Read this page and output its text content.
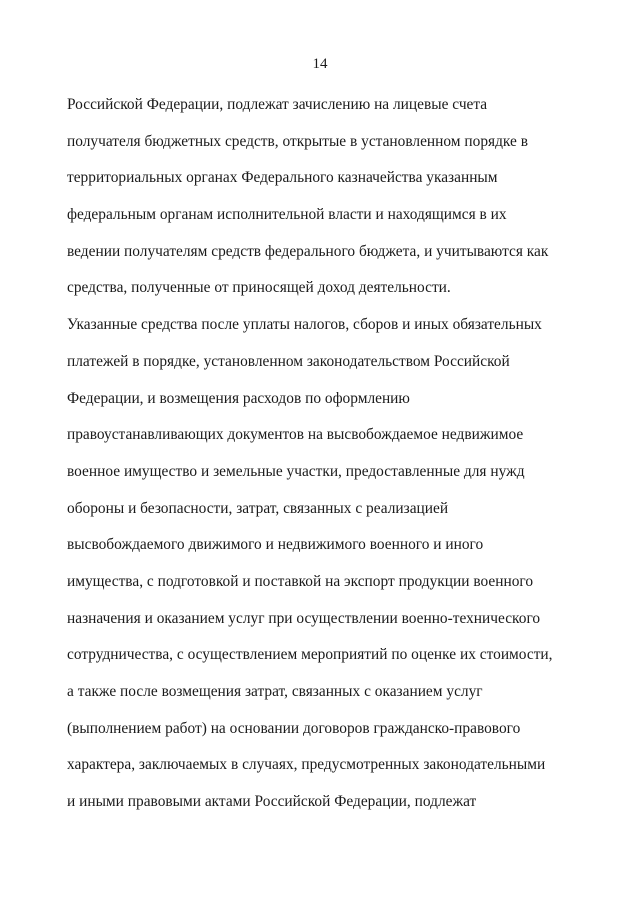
14
Российской Федерации, подлежат зачислению на лицевые счета
получателя бюджетных средств, открытые в установленном порядке в
территориальных органах Федерального казначейства указанным
федеральным органам исполнительной власти и находящимся в их
ведении получателям средств федерального бюджета, и учитываются как
средства, полученные от приносящей доход деятельности.
Указанные средства после уплаты налогов, сборов и иных обязательных
платежей в порядке, установленном законодательством Российской
Федерации, и возмещения расходов по оформлению
правоустанавливающих документов на высвобождаемое недвижимое
военное имущество и земельные участки, предоставленные для нужд
обороны и безопасности, затрат, связанных с реализацией
высвобождаемого движимого и недвижимого военного и иного
имущества, с подготовкой и поставкой на экспорт продукции военного
назначения и оказанием услуг при осуществлении военно-технического
сотрудничества, с осуществлением мероприятий по оценке их стоимости,
а также после возмещения затрат, связанных с оказанием услуг
(выполнением работ) на основании договоров гражданско-правового
характера, заключаемых в случаях, предусмотренных законодательными
и иными правовыми актами Российской Федерации, подлежат
